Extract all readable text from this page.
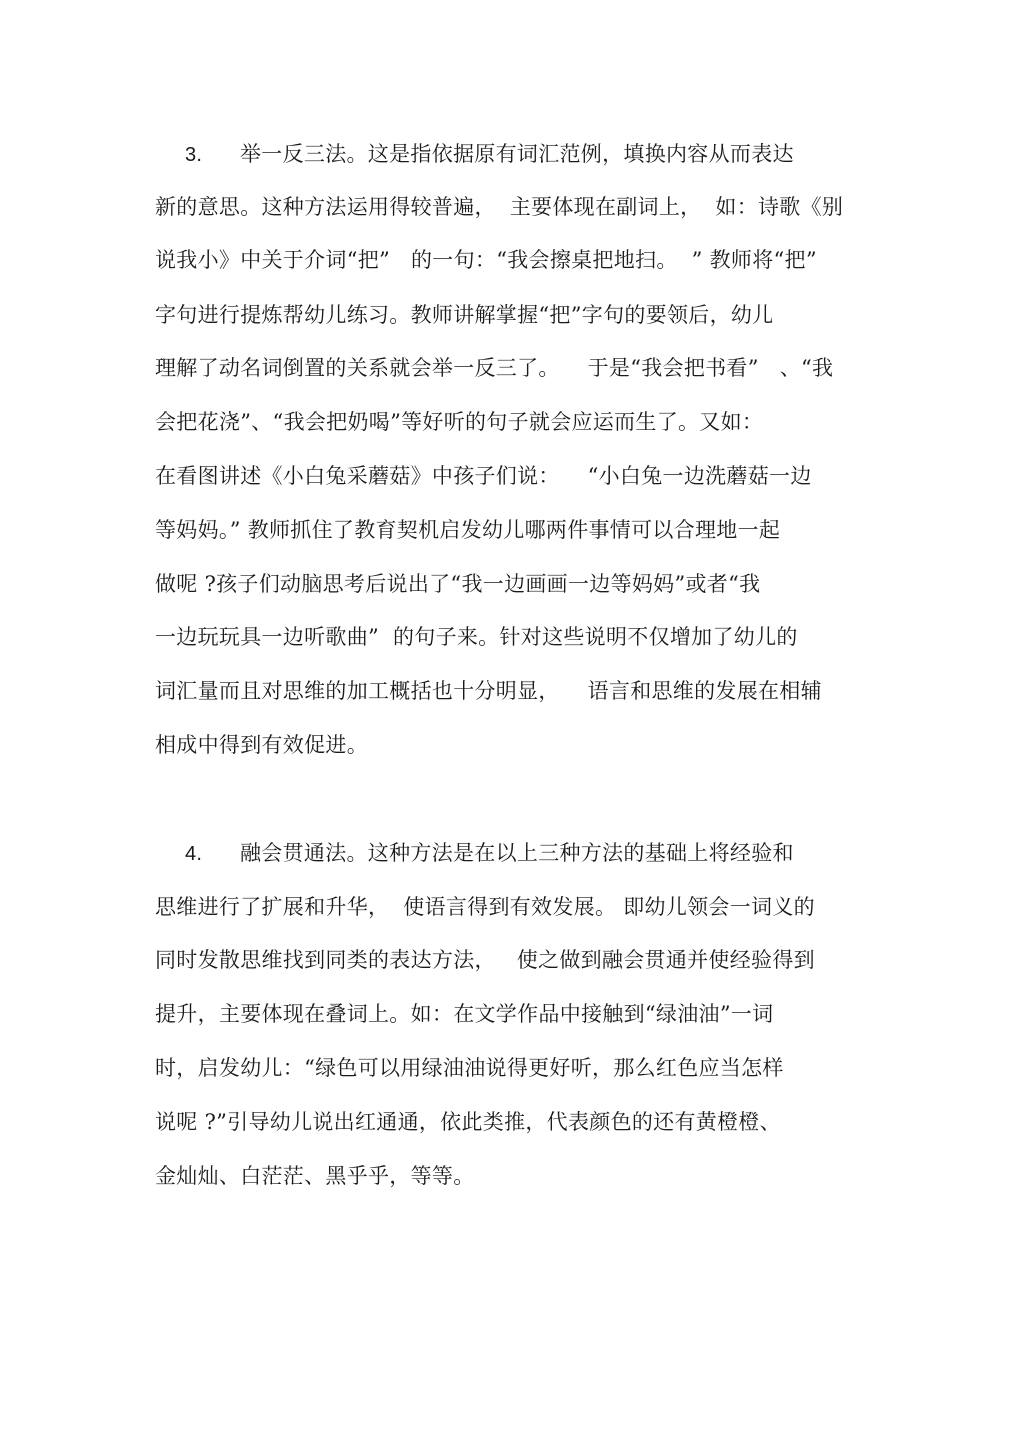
3. 举一反三法。这是指依据原有词汇范例，填换内容从而表达
新的意思。这种方法运用得较普遍，  主要体现在副词上，  如：诗歌《别
说我小》中关于介词“把”   的一句：“我会擦桌把地扫。  ” 教师将“把”
字句进行提炼帮幼儿练习。教师讲解掌握“把”字句的要领后，幼儿
理解了动名词倒置的关系就会举一反三了。    于是“我会把书看”   、“我
会把花浇”、“我会把奶喝”等好听的句子就会应运而生了。又如：
在看图讲述《小白兔采蘑菇》中孩子们说：    “小白兔一边洗蘑菇一边
等妈妈。” 教师抓住了教育契机启发幼儿哪两件事情可以合理地一起
做呢 ?孩子们动脑思考后说出了“我一边画画一边等妈妈”或者“我
一边玩玩具一边听歌曲”  的句子来。针对这些说明不仅增加了幼儿的
词汇量而且对思维的加工概括也十分明显，    语言和思维的发展在相辅
相成中得到有效促进。
4. 融会贯通法。这种方法是在以上三种方法的基础上将经验和
思维进行了扩展和升华，  使语言得到有效发展。 即幼儿领会一词义的
同时发散思维找到同类的表达方法，   使之做到融会贯通并使经验得到
提升，主要体现在叠词上。如：在文学作品中接触到“绿油油”一词
时，启发幼儿：“绿色可以用绿油油说得更好听，那么红色应当怎样
说呢 ?”引导幼儿说出红通通，依此类推，代表颜色的还有黄橙橙、
金灿灿、白茫茫、黑乎乎，等等。
